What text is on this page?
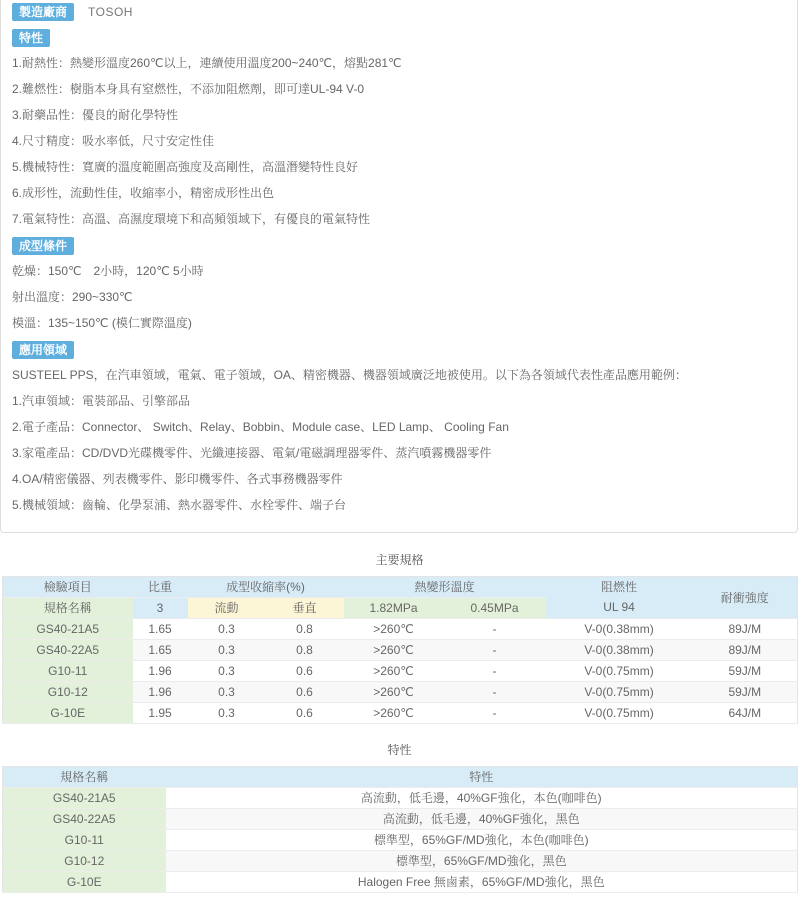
製造廠商 TOSOH
特性
1.耐熱性：熱變形溫度260℃以上，連續使用溫度200~240℃，熔點281℃
2.難燃性：樹脂本身具有窒燃性，不添加阻燃劑，即可達UL-94 V-0
3.耐藥品性：優良的耐化學特性
4.尺寸精度：吸水率低，尺寸安定性佳
5.機械特性：寬廣的溫度範圍高強度及高剛性，高溫潛變特性良好
6.成形性，流動性佳，收縮率小，精密成形性出色
7.電氣特性：高溫、高濕度環境下和高頻領域下，有優良的電氣特性
成型條件
乾燥：150℃　2小時，120℃ 5小時
射出溫度：290~330℃
模溫：135~150℃ (模仁實際溫度)
應用領域
SUSTEEL PPS，在汽車領域，電氣、電子領域，OA、精密機器、機器領域廣泛地被使用。以下為各領域代表性產品應用範例：
1.汽車領域：電裝部品、引擎部品
2.電子產品：Connector、 Switch、Relay、Bobbin、Module case、LED Lamp、 Cooling Fan
3.家電產品：CD/DVD光碟機零件、光纖連接器、電氣/電磁調理器零件、蒸汽噴霧機器零件
4.OA/精密儀器、列表機零件、影印機零件、各式事務機器零件
5.機械領域：齒輪、化學泵浦、熱水器零件、水栓零件、端子台
主要規格
檢驗項目	比重	成型收縮率(%)		熱變形溫度		阻燃性
UL 94	耐衝強度
規格名稱	3	流動	垂直	1.82MPa	0.45MPa		
GS40-21A5	1.65	0.3	0.8	>260℃	-	V-0(0.38mm)	89J/M
GS40-22A5	1.65	0.3	0.8	>260℃	-	V-0(0.38mm)	89J/M
G10-11	1.96	0.3	0.6	>260℃	-	V-0(0.75mm)	59J/M
G10-12	1.96	0.3	0.6	>260℃	-	V-0(0.75mm)	59J/M
G-10E	1.95	0.3	0.6	>260℃	-	V-0(0.75mm)	64J/M
特性
規格名稱	特性
GS40-21A5	高流動，低毛邊，40%GF強化，本色(咖啡色)
GS40-22A5	高流動，低毛邊，40%GF強化，黑色
G10-11	標準型，65%GF/MD強化，本色(咖啡色)
G10-12	標準型，65%GF/MD強化，黑色
G-10E	Halogen Free 無鹵素，65%GF/MD強化，黑色
